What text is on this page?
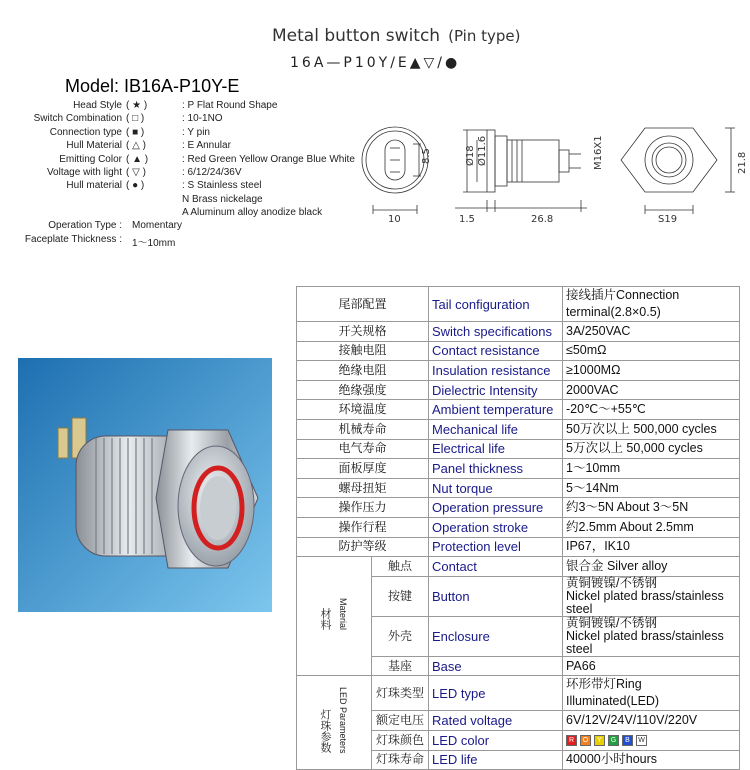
Metal button switch (Pin type)
16A—P10Y/E▲▽/●
Model: IB16A-P10Y-E
Head Style ( ★ )	: P Flat Round Shape
Switch Combination ( □ )	: 10-1NO
Connection type ( ■ )	: Y pin
Hull Material ( △ )	: E Annular
Emitting Color ( ▲ )	: Red Green Yellow Orange Blue White
Voltage with light ( ▽ )	: 6/12/24/36V
Hull material ( ● )	: S Stainless steel
N Brass nickelage
A Aluminum alloy anodize black
Operation Type : Momentary
Faceplate Thickness : 1～10mm
10
8.5	Ø18 Ø11.6
1.5	26.8
M16X1
S19
21.8
尾部配置		Tail configuration	接线插片Connection terminal(2.8×0.5)
开关规格		Switch specifications	3A/250VAC
接触电阻		Contact resistance	≤50mΩ
绝缘电阻		Insulation resistance	≥1000MΩ
绝缘强度		Dielectric Intensity	2000VAC
环境温度		Ambient temperature	-20℃～+55℃
机械寿命		Mechanical life	50万次以上 500,000 cycles
电气寿命		Electrical life	5万次以上 50,000 cycles
面板厚度		Panel thickness	1～10mm
螺母扭矩		Nut torque	5～14Nm
操作压力		Operation pressure	约3～5N About 3～5N
操作行程		Operation stroke	约2.5mm About 2.5mm
防护等级		Protection level	IP67，IK10
材料 Material	触点	Contact	银合金 Silver alloy
	按键	Button	黄铜镀镍/不锈钢
Nickel plated brass/stainless steel

	外壳	Enclosure	黄铜镀镍/不锈钢
Nickel plated brass/stainless steel

	基座	Base	PA66
灯珠参数 LED Parameters	灯珠类型	LED type	环形带灯Ring Illuminated(LED)
	额定电压	Rated voltage	6V/12V/24V/110V/220V
	灯珠颜色	LED color	R O Y G B W
	灯珠寿命	LED life	40000小时hours
